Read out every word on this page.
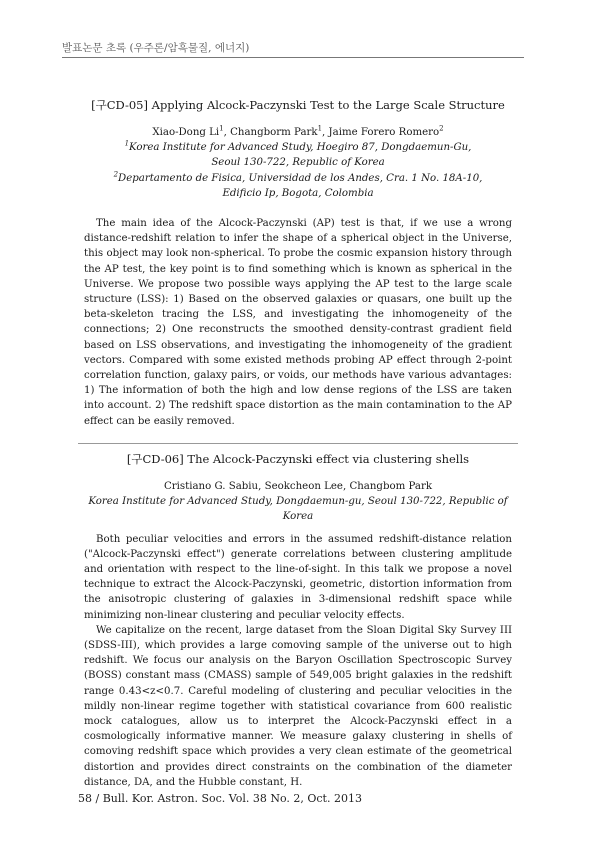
발표논문 초록 (우주론/암흑물질, 에너지)
[구CD-05] Applying Alcock-Paczynski Test to the Large Scale Structure
Xiao-Dong Li$^1$, Changborm Park$^1$, Jaime Forero Romero$^2$
$^1$Korea Institute for Advanced Study, Hoegiro 87, Dongdaemun-Gu,
Seoul 130-722, Republic of Korea
$^2$Departamento de Fisica, Universidad de los Andes, Cra. 1 No. 18A-10,
Edificio Ip, Bogota, Colombia

The main idea of the Alcock-Paczynski (AP) test is that, if we use a wrong distance-redshift relation to infer the shape of a spherical object in the Universe, this object may look non-spherical. To probe the cosmic expansion history through the AP test, the key point is to find something which is known as spherical in the Universe. We propose two possible ways applying the AP test to the large scale structure (LSS): 1) Based on the observed galaxies or quasars, one built up the beta-skeleton tracing the LSS, and investigating the inhomogeneity of the connections; 2) One reconstructs the smoothed density-contrast gradient field based on LSS observations, and investigating the inhomogeneity of the gradient vectors. Compared with some existed methods probing AP effect through 2-point correlation function, galaxy pairs, or voids, our methods have various advantages: 1) The information of both the high and low dense regions of the LSS are taken into account. 2) The redshift space distortion as the main contamination to the AP effect can be easily removed.

[구CD-06] The Alcock-Paczynski effect via clustering shells
Cristiano G. Sabiu, Seokcheon Lee, Changbom Park
Korea Institute for Advanced Study, Dongdaemun-gu, Seoul 130-722, Republic of
Korea

Both peculiar velocities and errors in the assumed redshift-distance relation ("Alcock-Paczynski effect") generate correlations between clustering amplitude and orientation with respect to the line-of-sight. In this talk we propose a novel technique to extract the Alcock-Paczynski, geometric, distortion information from the anisotropic clustering of galaxies in 3-dimensional redshift space while minimizing non-linear clustering and peculiar velocity effects.

We capitalize on the recent, large dataset from the Sloan Digital Sky Survey III (SDSS-III), which provides a large comoving sample of the universe out to high redshift. We focus our analysis on the Baryon Oscillation Spectroscopic Survey (BOSS) constant mass (CMASS) sample of 549,005 bright galaxies in the redshift range 0.43<z<0.7. Careful modeling of clustering and peculiar velocities in the mildly non-linear regime together with statistical covariance from 600 realistic mock catalogues, allow us to interpret the Alcock-Paczynski effect in a cosmologically informative manner. We measure galaxy clustering in shells of comoving redshift space which provides a very clean estimate of the geometrical distortion and provides direct constraints on the combination of the diameter distance, DA, and the Hubble constant, H.

58 / Bull. Kor. Astron. Soc. Vol. 38 No. 2, Oct. 2013
